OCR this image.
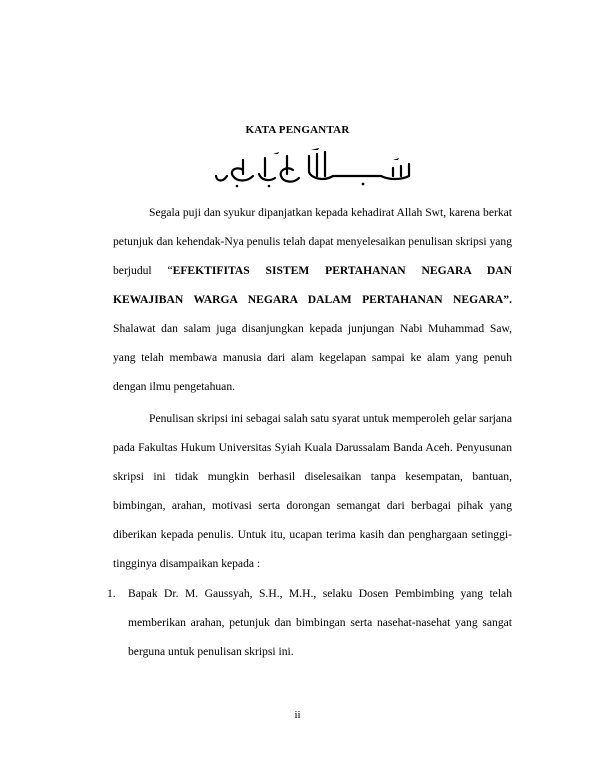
KATA PENGANTAR
Segala puji dan syukur dipanjatkan kepada kehadirat Allah Swt, karena berkat
petunjuk dan kehendak-Nya penulis telah dapat menyelesaikan penulisan skripsi yang
berjudul “EFEKTIFITAS SISTEM PERTAHANAN NEGARA DAN
KEWAJIBAN WARGA NEGARA DALAM PERTAHANAN NEGARA”.
Shalawat dan salam juga disanjungkan kepada junjungan Nabi Muhammad Saw,
yang telah membawa manusia dari alam kegelapan sampai ke alam yang penuh
dengan ilmu pengetahuan.
Penulisan skripsi ini sebagai salah satu syarat untuk memperoleh gelar sarjana
pada Fakultas Hukum Universitas Syiah Kuala Darussalam Banda Aceh. Penyusunan
skripsi ini tidak mungkin berhasil diselesaikan tanpa kesempatan, bantuan,
bimbingan, arahan, motivasi serta dorongan semangat dari berbagai pihak yang
diberikan kepada penulis. Untuk itu, ucapan terima kasih dan penghargaan setinggi-
tingginya disampaikan kepada :
1. Bapak Dr. M. Gaussyah, S.H., M.H., selaku Dosen Pembimbing yang telah
memberikan arahan, petunjuk dan bimbingan serta nasehat-nasehat yang sangat
berguna untuk penulisan skripsi ini.
ii
